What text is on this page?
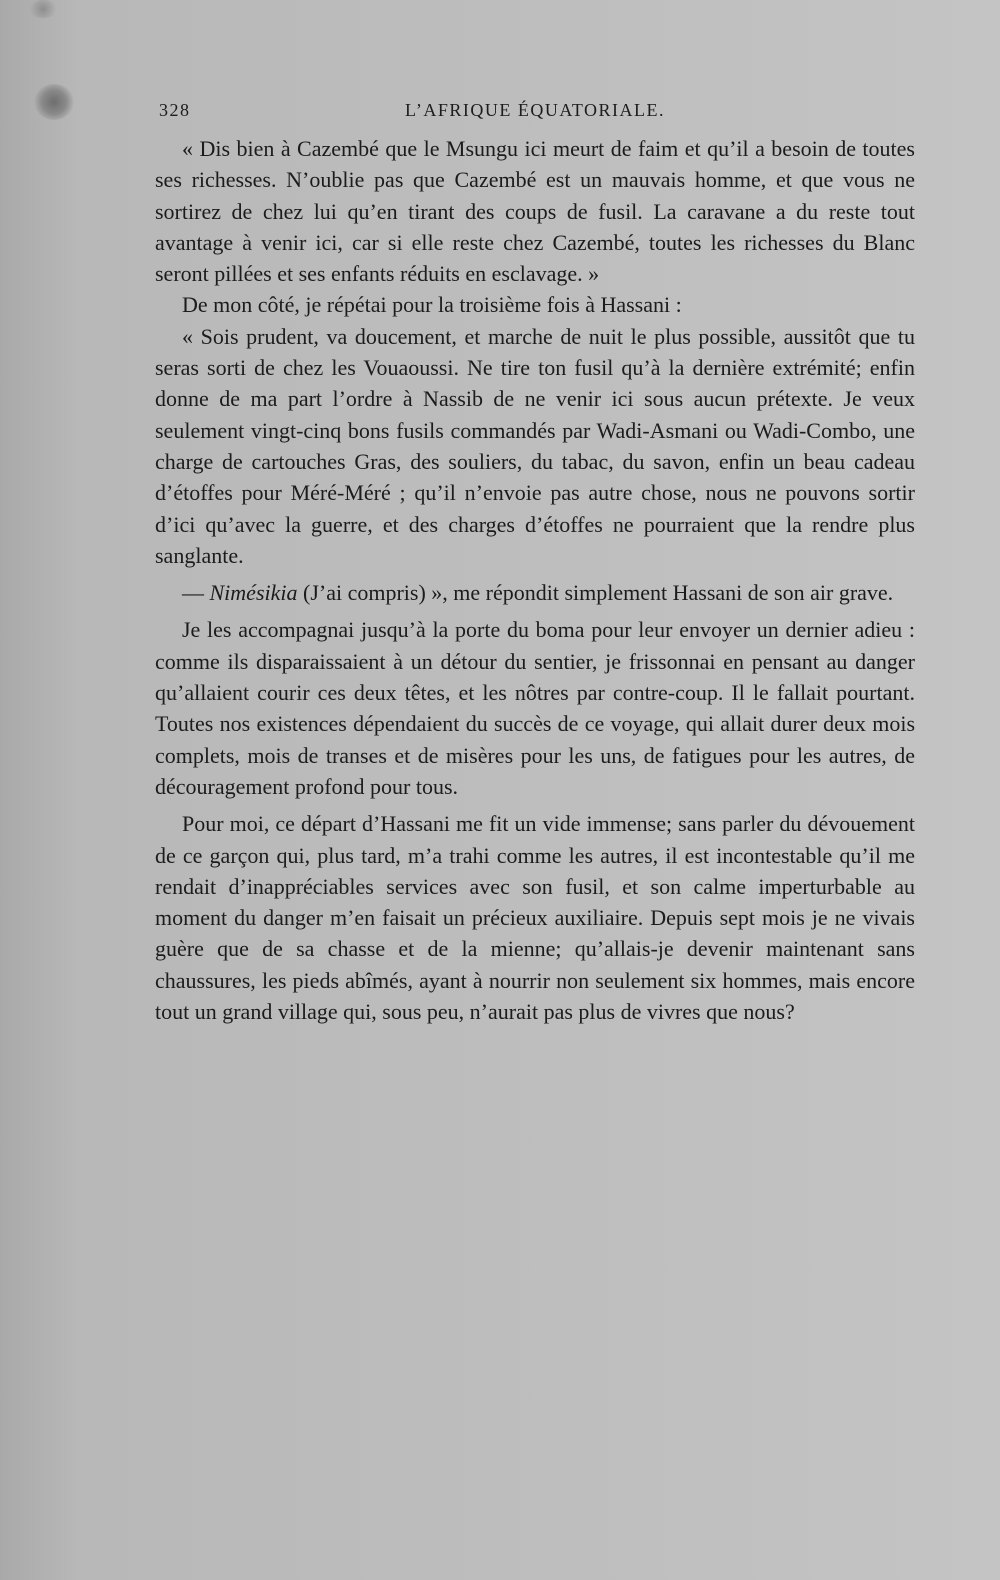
328	L’AFRIQUE ÉQUATORIALE.

« Dis bien à Cazembé que le Msungu ici meurt de faim et qu’il a besoin de toutes ses richesses. N’oublie pas que Cazembé est un mauvais homme, et que vous ne sortirez de chez lui qu’en tirant des coups de fusil. La caravane a du reste tout avantage à venir ici, car si elle reste chez Cazembé, toutes les richesses du Blanc seront pillées et ses enfants réduits en esclavage. »

De mon côté, je répétai pour la troisième fois à Hassani :

« Sois prudent, va doucement, et marche de nuit le plus possible, aussitôt que tu seras sorti de chez les Vouaoussi. Ne tire ton fusil qu’à la dernière extrémité; enfin donne de ma part l’ordre à Nassib de ne venir ici sous aucun prétexte. Je veux seulement vingt-cinq bons fusils commandés par Wadi-Asmani ou Wadi-Combo, une charge de cartouches Gras, des souliers, du tabac, du savon, enfin un beau cadeau d’étoffes pour Méré-Méré ; qu’il n’envoie pas autre chose, nous ne pouvons sortir d’ici qu’avec la guerre, et des charges d’étoffes ne pourraient que la rendre plus sanglante.

— Nimésikia (J’ai compris) », me répondit simplement Hassani de son air grave.

Je les accompagnai jusqu’à la porte du boma pour leur envoyer un dernier adieu : comme ils disparaissaient à un détour du sentier, je frissonnai en pensant au danger qu’allaient courir ces deux têtes, et les nôtres par contre-coup. Il le fallait pourtant. Toutes nos existences dépendaient du succès de ce voyage, qui allait durer deux mois complets, mois de transes et de misères pour les uns, de fatigues pour les autres, de découragement profond pour tous.

Pour moi, ce départ d’Hassani me fit un vide immense; sans parler du dévouement de ce garçon qui, plus tard, m’a trahi comme les autres, il est incontestable qu’il me rendait d’inappréciables services avec son fusil, et son calme imperturbable au moment du danger m’en faisait un précieux auxiliaire. Depuis sept mois je ne vivais guère que de sa chasse et de la mienne; qu’allais-je devenir maintenant sans chaussures, les pieds abîmés, ayant à nourrir non seulement six hommes, mais encore tout un grand village qui, sous peu, n’aurait pas plus de vivres que nous?
